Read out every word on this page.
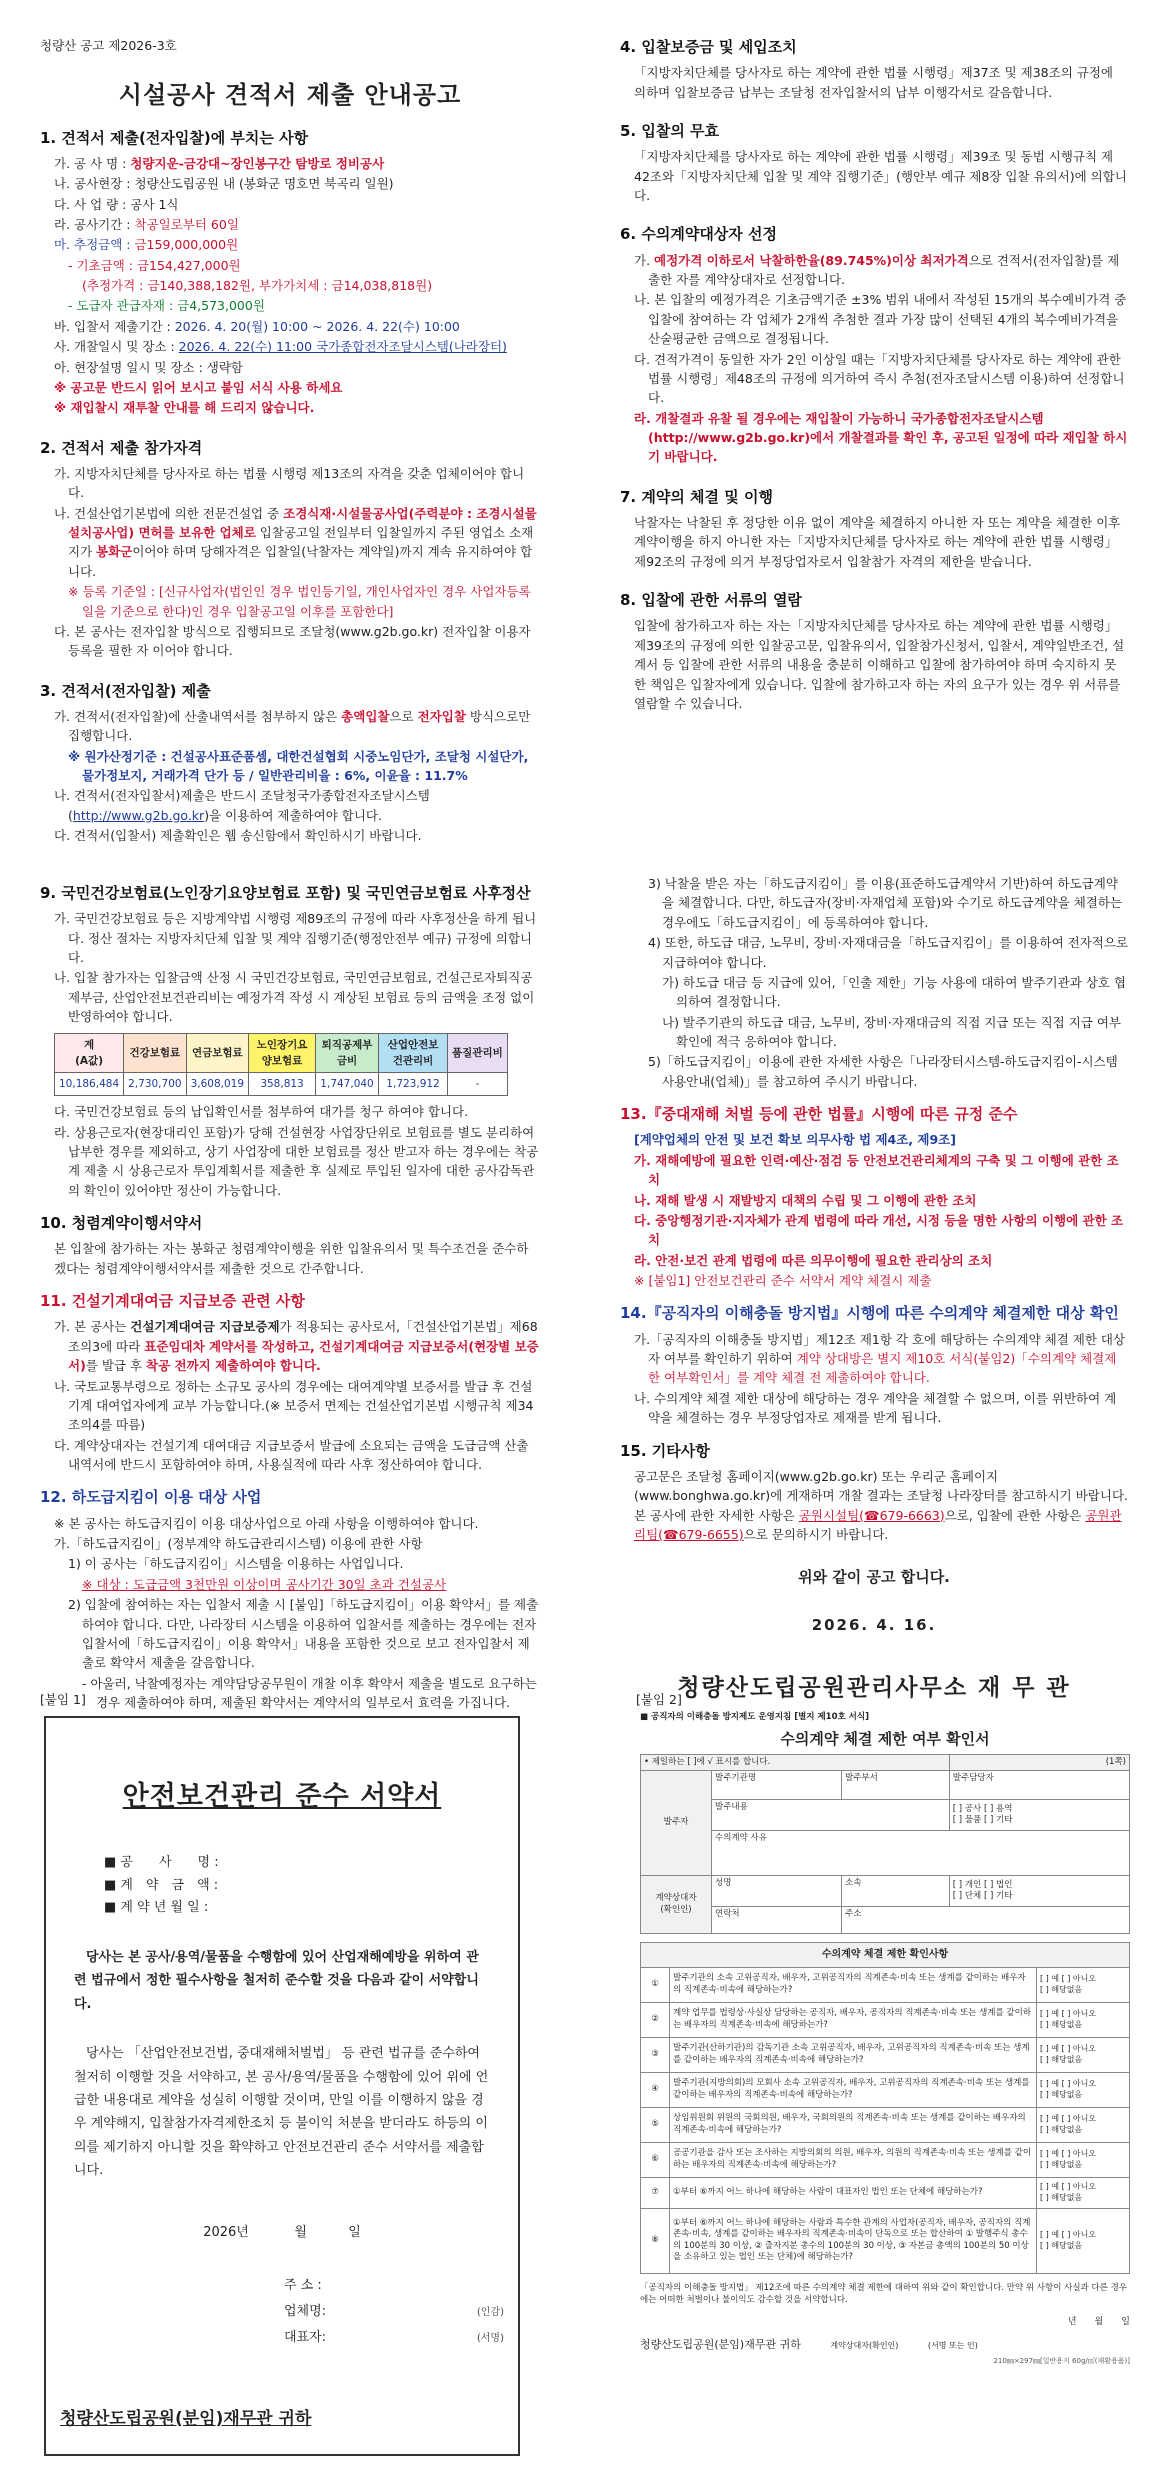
청량산 공고 제2026-3호

시설공사 견적서 제출 안내공고
1. 견적서 제출(전자입찰)에 부치는 사항

가. 공 사 명 : 청량지운-금강대~장인봉구간 탐방로 정비공사

나. 공사현장 : 청량산도립공원 내 (봉화군 명호면 북곡리 일원)

다. 사 업 량 : 공사 1식

라. 공사기간 : 착공일로부터 60일

마. 추정금액 : 금159,000,000원

- 기초금액 : 금154,427,000원

(추정가격 : 금140,388,182원, 부가가치세 : 금14,038,818원)

- 도급자 관급자재 : 금4,573,000원

바. 입찰서 제출기간 : 2026. 4. 20(월) 10:00 ~ 2026. 4. 22(수) 10:00

사. 개찰일시 및 장소 : 2026. 4. 22(수) 11:00 국가종합전자조달시스템(나라장터)

아. 현장설명 일시 및 장소 : 생략함

※ 공고문 반드시 읽어 보시고 붙임 서식 사용 하세요

※ 재입찰시 재투찰 안내를 해 드리지 않습니다.

2. 견적서 제출 참가자격

가. 지방자치단체를 당사자로 하는 법률 시행령 제13조의 자격을 갖춘 업체이어야 합니다.

나. 건설산업기본법에 의한 전문건설업 중 조경식재·시설물공사업(주력분야 : 조경시설물설치공사업) 면허를 보유한 업체로 입찰공고일 전일부터 입찰일까지 주된 영업소 소재지가 봉화군이어야 하며 당해자격은 입찰일(낙찰자는 계약일)까지 계속 유지하여야 합니다.

※ 등록 기준일 : [신규사업자(법인인 경우 법인등기일, 개인사업자인 경우 사업자등록일을 기준으로 한다)인 경우 입찰공고일 이후를 포함한다]

다. 본 공사는 전자입찰 방식으로 집행되므로 조달청(www.g2b.go.kr) 전자입찰 이용자 등록을 필한 자 이어야 합니다.

3. 견적서(전자입찰) 제출

가. 견적서(전자입찰)에 산출내역서를 첨부하지 않은 총액입찰으로 전자입찰 방식으로만 집행합니다.

※ 원가산정기준 : 건설공사표준품셈, 대한건설협회 시중노임단가, 조달청 시설단가, 물가정보지, 거래가격 단가 등 / 일반관리비율 : 6%, 이윤율 : 11.7%

나. 견적서(전자입찰서)제출은 반드시 조달청국가종합전자조달시스템(http://www.g2b.go.kr)을 이용하여 제출하여야 합니다.

다. 견적서(입찰서) 제출확인은 웹 송신함에서 확인하시기 바랍니다.

4. 입찰보증금 및 세입조치

「지방자치단체를 당사자로 하는 계약에 관한 법률 시행령」제37조 및 제38조의 규정에 의하며 입찰보증금 납부는 조달청 전자입찰서의 납부 이행각서로 갈음합니다.

5. 입찰의 무효

「지방자치단체를 당사자로 하는 계약에 관한 법률 시행령」제39조 및 동법 시행규칙 제42조와「지방자치단체 입찰 및 계약 집행기준」(행안부 예규 제8장 입찰 유의서)에 의합니다.

6. 수의계약대상자 선정

가. 예정가격 이하로서 낙찰하한율(89.745%)이상 최저가격으로 견적서(전자입찰)를 제출한 자를 계약상대자로 선정합니다.

나. 본 입찰의 예정가격은 기초금액기준 ±3% 범위 내에서 작성된 15개의 복수예비가격 중 입찰에 참여하는 각 업체가 2개씩 추첨한 결과 가장 많이 선택된 4개의 복수예비가격을 산술평균한 금액으로 결정됩니다.

다. 견적가격이 동일한 자가 2인 이상일 때는「지방자치단체를 당사자로 하는 계약에 관한 법률 시행령」제48조의 규정에 의거하여 즉시 추첨(전자조달시스템 이용)하여 선정합니다.

라. 개찰결과 유찰 될 경우에는 재입찰이 가능하니 국가종합전자조달시스템(http://www.g2b.go.kr)에서 개찰결과를 확인 후, 공고된 일정에 따라 재입찰 하시기 바랍니다.

7. 계약의 체결 및 이행

낙찰자는 낙찰된 후 정당한 이유 없이 계약을 체결하지 아니한 자 또는 계약을 체결한 이후 계약이행을 하지 아니한 자는「지방자치단체를 당사자로 하는 계약에 관한 법률 시행령」제92조의 규정에 의거 부정당업자로서 입찰참가 자격의 제한을 받습니다.

8. 입찰에 관한 서류의 열람

입찰에 참가하고자 하는 자는「지방자치단체를 당사자로 하는 계약에 관한 법률 시행령」제39조의 규정에 의한 입찰공고문, 입찰유의서, 입찰참가신청서, 입찰서, 계약일반조건, 설계서 등 입찰에 관한 서류의 내용을 충분히 이해하고 입찰에 참가하여야 하며 숙지하지 못한 책임은 입찰자에게 있습니다. 입찰에 참가하고자 하는 자의 요구가 있는 경우 위 서류를 열람할 수 있습니다.

9. 국민건강보험료(노인장기요양보험료 포함) 및 국민연금보험료 사후정산

가. 국민건강보험료 등은 지방계약법 시행령 제89조의 규정에 따라 사후정산을 하게 됩니다. 정산 절차는 지방자치단체 입찰 및 계약 집행기준(행정안전부 예규) 규정에 의합니다.

나. 입찰 참가자는 입찰금액 산정 시 국민건강보험료, 국민연금보험료, 건설근로자퇴직공제부금, 산업안전보건관리비는 예정가격 작성 시 계상된 보험료 등의 금액을 조정 없이 반영하여야 합니다.

계
(A값)	건강보험료	연금보험료	노인장기요양보험료	퇴직공제부금비	산업안전보건관리비	품질관리비
10,186,484	2,730,700	3,608,019	358,813	1,747,040	1,723,912	-

다. 국민건강보험료 등의 납입확인서를 첨부하여 대가를 청구 하여야 합니다.

라. 상용근로자(현장대리인 포함)가 당해 건설현장 사업장단위로 보험료를 별도 분리하여 납부한 경우를 제외하고, 상기 사업장에 대한 보험료를 정산 받고자 하는 경우에는 착공계 제출 시 상용근로자 투입계획서를 제출한 후 실제로 투입된 일자에 대한 공사감독관의 확인이 있어야만 정산이 가능합니다.

10. 청렴계약이행서약서

본 입찰에 참가하는 자는 봉화군 청렴계약이행을 위한 입찰유의서 및 특수조건을 준수하겠다는 청렴계약이행서약서를 제출한 것으로 간주합니다.

11. 건설기계대여금 지급보증 관련 사항

가. 본 공사는 건설기계대여금 지급보증제가 적용되는 공사로서,「건설산업기본법」제68조의3에 따라 표준임대차 계약서를 작성하고, 건설기계대여금 지급보증서(현장별 보증서)를 발급 후 착공 전까지 제출하여야 합니다.

나. 국토교통부령으로 정하는 소규모 공사의 경우에는 대여계약별 보증서를 발급 후 건설기계 대여업자에게 교부 가능합니다.(※ 보증서 면제는 건설산업기본법 시행규칙 제34조의4를 따름)

다. 계약상대자는 건설기계 대여대금 지급보증서 발급에 소요되는 금액을 도급금액 산출내역서에 반드시 포함하여야 하며, 사용실적에 따라 사후 정산하여야 합니다.

12. 하도급지킴이 이용 대상 사업

※ 본 공사는 하도급지킴이 이용 대상사업으로 아래 사항을 이행하여야 합니다.

가.「하도급지킴이」(정부계약 하도급관리시스템) 이용에 관한 사항

1) 이 공사는「하도급지킴이」시스템을 이용하는 사업입니다.

※ 대상 : 도급금액 3천만원 이상이며 공사기간 30일 초과 건설공사

2) 입찰에 참여하는 자는 입찰서 제출 시 [붙임]「하도급지킴이」이용 확약서」를 제출하여야 합니다. 다만, 나라장터 시스템을 이용하여 입찰서를 제출하는 경우에는 전자입찰서에「하도급지킴이」이용 확약서」내용을 포함한 것으로 보고 전자입찰서 제출로 확약서 제출을 갈음합니다.

- 아울러, 낙찰예정자는 계약담당공무원이 개찰 이후 확약서 제출을 별도로 요구하는 경우 제출하여야 하며, 제출된 확약서는 계약서의 일부로서 효력을 가집니다.

3) 낙찰을 받은 자는「하도급지킴이」를 이용(표준하도급계약서 기반)하여 하도급계약을 체결합니다. 다만, 하도급자(장비·자재업체 포함)와 수기로 하도급계약을 체결하는 경우에도「하도급지킴이」에 등록하여야 합니다.

4) 또한, 하도급 대금, 노무비, 장비·자재대금을「하도급지킴이」를 이용하여 전자적으로 지급하여야 합니다.

가) 하도급 대금 등 지급에 있어,「인출 제한」기능 사용에 대하여 발주기관과 상호 협의하여 결정합니다.

나) 발주기관의 하도급 대금, 노무비, 장비·자재대금의 직접 지급 또는 직접 지급 여부 확인에 적극 응하여야 합니다.

5)「하도급지킴이」이용에 관한 자세한 사항은「나라장터시스템-하도급지킴이-시스템 사용안내(업체)」를 참고하여 주시기 바랍니다.

13.『중대재해 처벌 등에 관한 법률』시행에 따른 규정 준수

[계약업체의 안전 및 보건 확보 의무사항 법 제4조, 제9조]

가. 재해예방에 필요한 인력·예산·점검 등 안전보건관리체계의 구축 및 그 이행에 관한 조치

나. 재해 발생 시 재발방지 대책의 수립 및 그 이행에 관한 조치

다. 중앙행정기관·지자체가 관계 법령에 따라 개선, 시정 등을 명한 사항의 이행에 관한 조치

라. 안전·보건 관계 법령에 따른 의무이행에 필요한 관리상의 조치

※ [붙임1] 안전보건관리 준수 서약서 계약 체결시 제출

14.『공직자의 이해충돌 방지법』시행에 따른 수의계약 체결제한 대상 확인

가.「공직자의 이해충돌 방지법」제12조 제1항 각 호에 해당하는 수의계약 체결 제한 대상자 여부를 확인하기 위하여 계약 상대방은 별지 제10호 서식(붙임2)「수의계약 체결제한 여부확인서」를 계약 체결 전 제출하여야 합니다.

나. 수의계약 체결 제한 대상에 해당하는 경우 계약을 체결할 수 없으며, 이를 위반하여 계약을 체결하는 경우 부정당업자로 제재를 받게 됩니다.

15. 기타사항

공고문은 조달청 홈페이지(www.g2b.go.kr) 또는 우리군 홈페이지(www.bonghwa.go.kr)에 게재하며 개찰 결과는 조달청 나라장터를 참고하시기 바랍니다. 본 공사에 관한 자세한 사항은 공원시설팀(☎679-6663)으로, 입찰에 관한 사항은 공원관리팀(☎679-6655)으로 문의하시기 바랍니다.

위와 같이 공고 합니다.
2026. 4. 16.
청량산도립공원관리사무소 재 무 관
[붙임 1]
안전보건관리 준수 서약서
■ 공　　사　　명 :
■ 계　약　금　액 :
■ 계 약 년 월 일 :
당사는 본 공사/용역/물품을 수행함에 있어 산업재해예방을 위하여 관련 법규에서 정한 필수사항을 철저히 준수할 것을 다음과 같이 서약합니다.
당사는 「산업안전보건법, 중대재해처벌법」 등 관련 법규를 준수하여 철저히 이행할 것을 서약하고, 본 공사/용역/물품을 수행함에 있어 위에 언급한 내용대로 계약을 성실히 이행할 것이며, 만일 이를 이행하지 않을 경우 계약해지, 입찰참가자격제한조치 등 불이익 처분을 받더라도 하등의 이의를 제기하지 아니할 것을 확약하고 안전보건관리 준수 서약서를 제출합니다.
2026년	월	일
주 소 :
업체명:	(인감)
대표자:	(서명)
청량산도립공원(분임)재무관 귀하
[붙임 2]
■ 공직자의 이해충돌 방지제도 운영지침 [별지 제10호 서식]
수의계약 체결 제한 여부 확인서
• 제일하는 [ ]에 √ 표시를 합니다.			(1쪽)
발주자	발주기관명	발주부서	발주담당자
	발주내용		[ ] 공사 [ ] 용역
[ ] 물품 [ ] 기타
	수의계약 사유		
계약상대자
(확인인)	성명	소속	[ ] 개인 [ ] 법인
[ ] 단체 [ ] 기타
	연락처	주소	
수의계약 체결 제한 확인사항		
①	발주기관의 소속 고위공직자, 배우자, 고위공직자의 직계존속·비속 또는 생계를 같이하는 배우자의 직계존속·비속에 해당하는가?	[ ] 예 [ ] 아니오
[ ] 해당없음
②	계약 업무를 법령상·사실상 담당하는 공직자, 배우자, 공직자의 직계존속·비속 또는 생계를 같이하는 배우자의 직계존속·비속에 해당하는가?	[ ] 예 [ ] 아니오
[ ] 해당없음
③	발주기관(산하기관)의 감독기관 소속 고위공직자, 배우자, 고위공직자의 직계존속·비속 또는 생계를 같이하는 배우자의 직계존속·비속에 해당하는가?	[ ] 예 [ ] 아니오
[ ] 해당없음
④	발주기관(지방의회)의 모회사 소속 고위공직자, 배우자, 고위공직자의 직계존속·비속 또는 생계를 같이하는 배우자의 직계존속·비속에 해당하는가?	[ ] 예 [ ] 아니오
[ ] 해당없음
⑤	상임위원회 위원의 국회의원, 배우자, 국회의원의 직계존속·비속 또는 생계를 같이하는 배우자의 직계존속·비속에 해당하는가?	[ ] 예 [ ] 아니오
[ ] 해당없음
⑥	공공기관을 감사 또는 조사하는 지방의회의 의원, 배우자, 의원의 직계존속·비속 또는 생계를 같이하는 배우자의 직계존속·비속에 해당하는가?	[ ] 예 [ ] 아니오
[ ] 해당없음
⑦	①부터 ⑥까지 어느 하나에 해당하는 사람이 대표자인 법인 또는 단체에 해당하는가?	[ ] 예 [ ] 아니오
[ ] 해당없음
⑧	①부터 ⑥까지 어느 하나에 해당하는 사람과 특수한 관계의 사업자(공직자, 배우자, 공직자의 직계존속·비속, 생계를 같이하는 배우자의 직계존속·비속이 단독으로 또는 합산하여 ① 발행주식 총수의 100분의 30 이상, ② 출자지분 총수의 100분의 30 이상, ③ 자본금 총액의 100분의 50 이상을 소유하고 있는 법인 또는 단체)에 해당하는가?	[ ] 예 [ ] 아니오
[ ] 해당없음
「공직자의 이해충돌 방지법」 제12조에 따른 수의계약 체결 제한에 대하여 위와 같이 확인합니다. 만약 위 사항이 사실과 다른 경우에는 어떠한 처벌이나 불이익도 감수할 것을 서약합니다.
년　　월　　일
청량산도립공원(분임)재무관 귀하	계약상대자(확인인)	(서명 또는 인)
210㎜×297㎜[일반용지 60g/㎡(재활용품)]
